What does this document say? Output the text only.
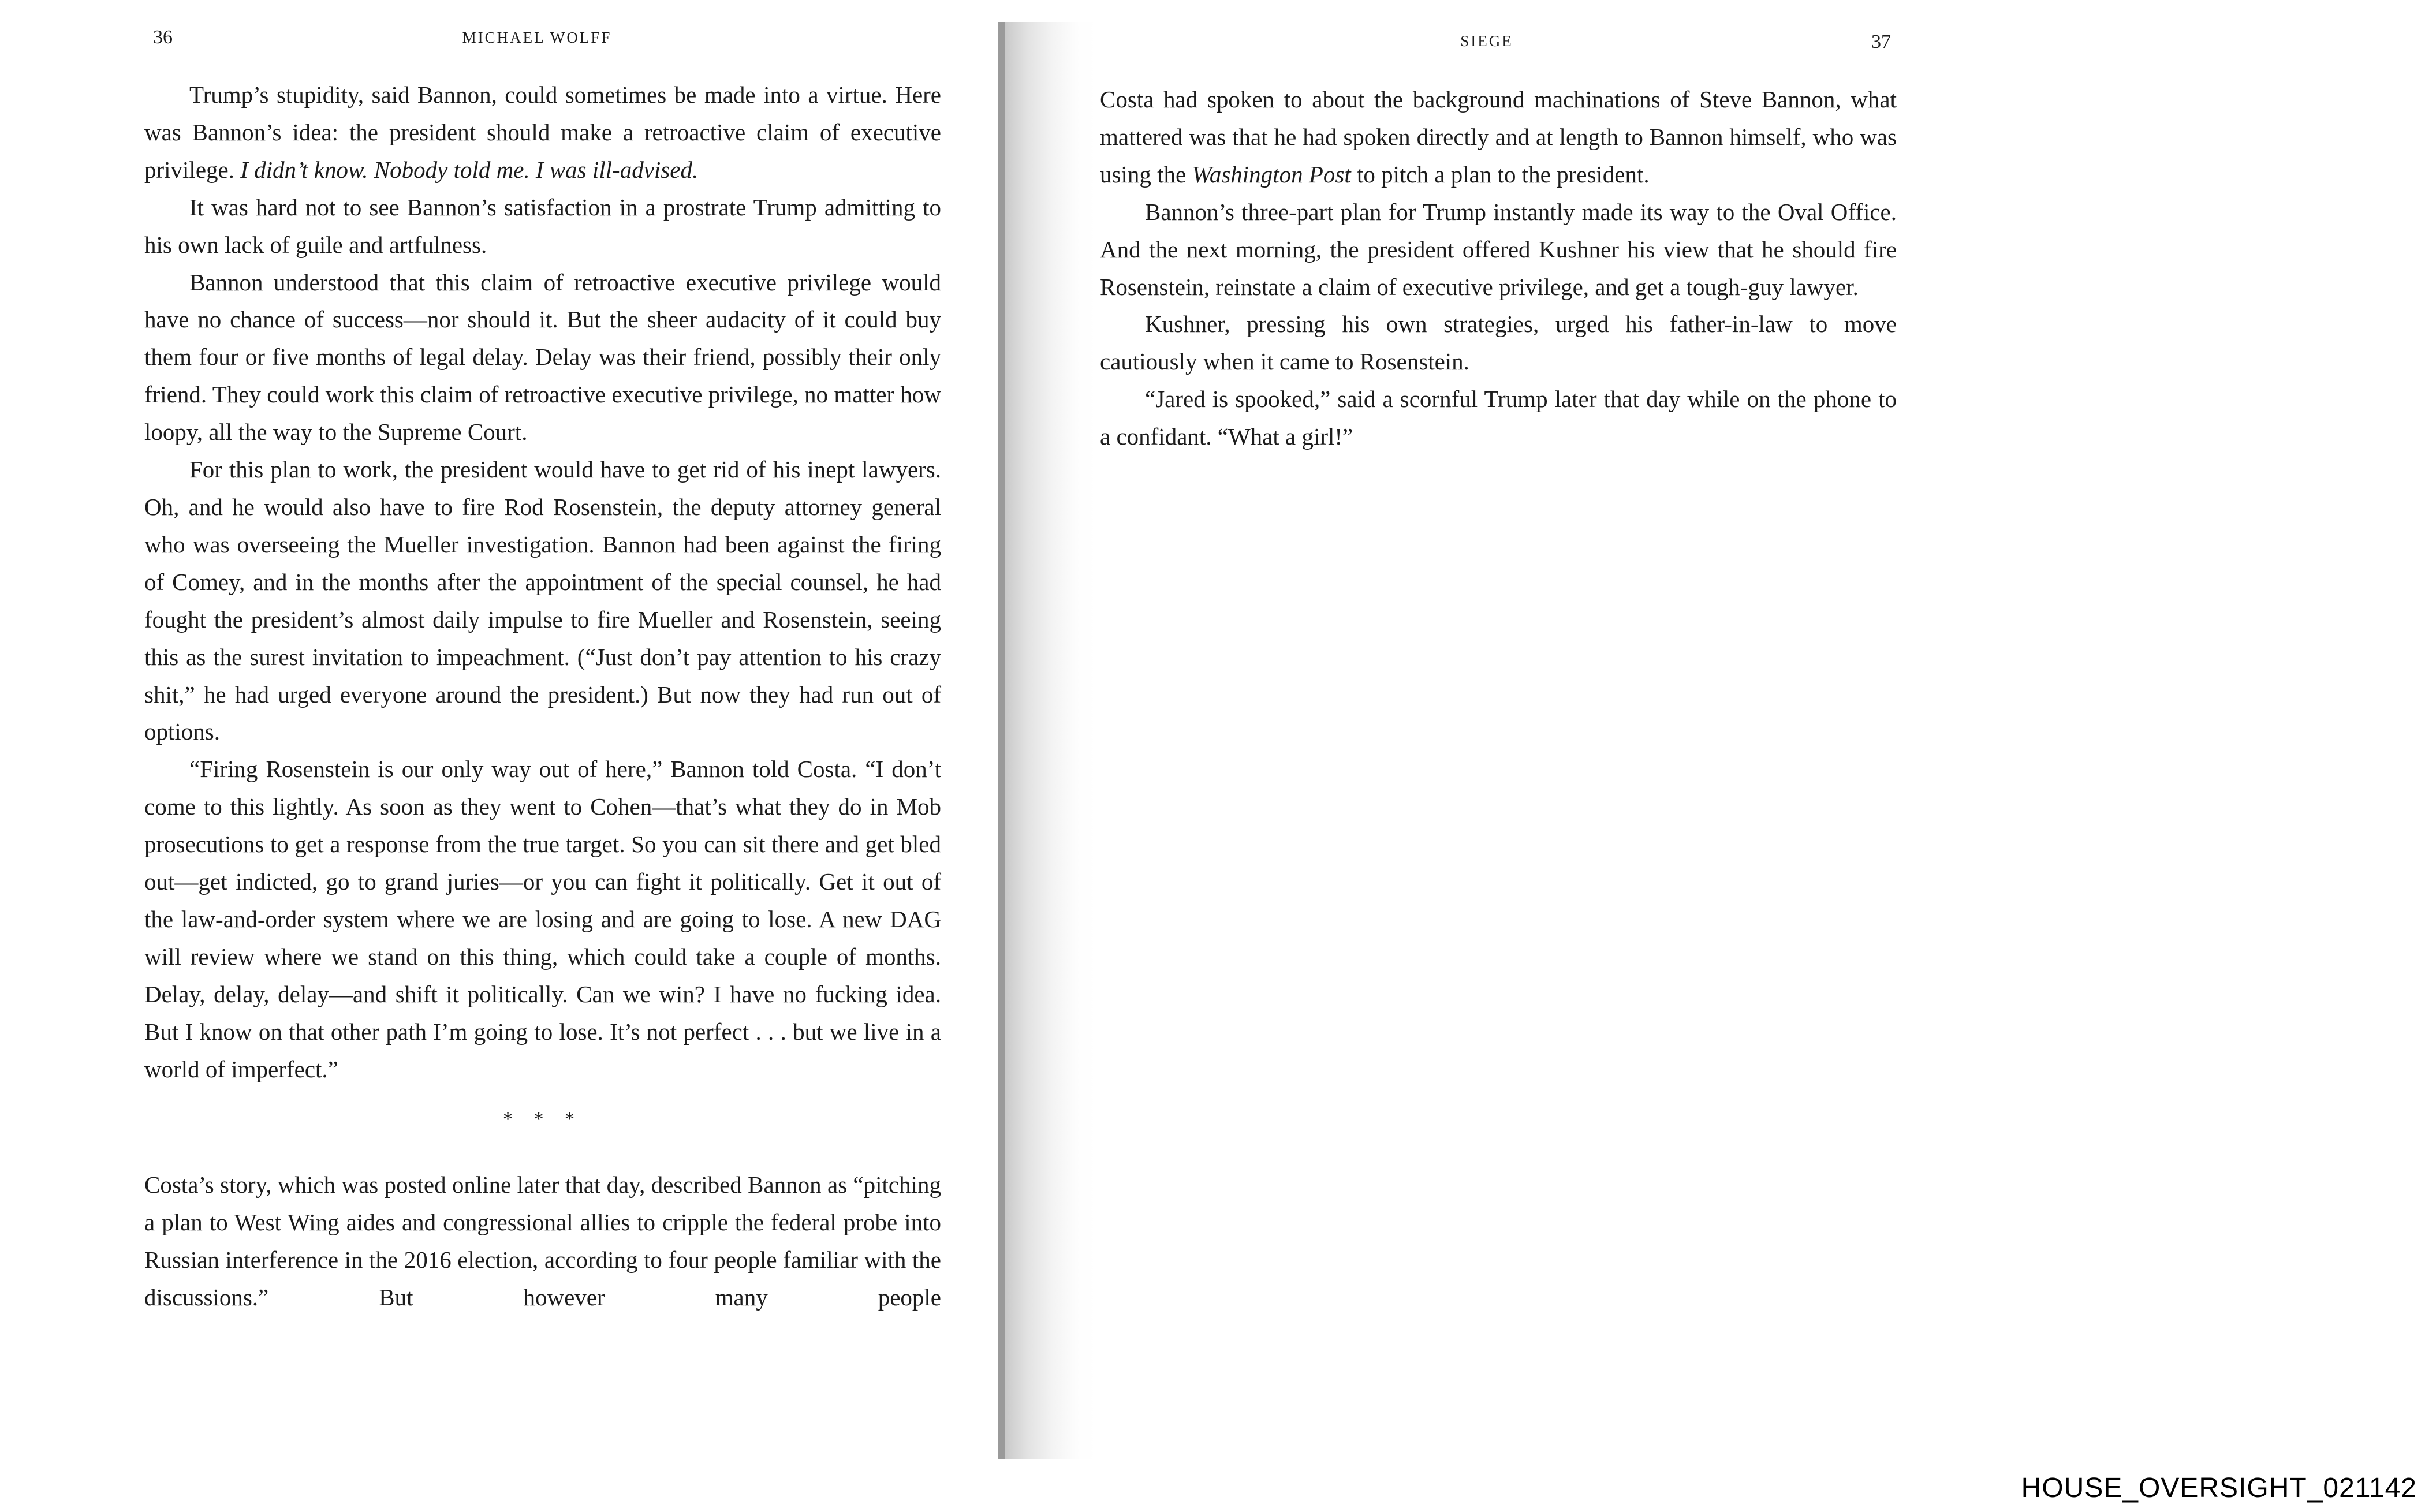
36	MICHAEL WOLFF

Trump’s stupidity, said Bannon, could sometimes be made into a virtue. Here was Bannon’s idea: the president should make a retroactive claim of executive privilege. I didn’t know. Nobody told me. I was ill-advised.

It was hard not to see Bannon’s satisfaction in a prostrate Trump admitting to his own lack of guile and artfulness.

Bannon understood that this claim of retroactive executive privilege would have no chance of success—nor should it. But the sheer audacity of it could buy them four or five months of legal delay. Delay was their friend, possibly their only friend. They could work this claim of retroactive executive privilege, no matter how loopy, all the way to the Supreme Court.

For this plan to work, the president would have to get rid of his inept lawyers. Oh, and he would also have to fire Rod Rosenstein, the deputy attorney general who was overseeing the Mueller investigation. Bannon had been against the firing of Comey, and in the months after the appointment of the special counsel, he had fought the president’s almost daily impulse to fire Mueller and Rosenstein, seeing this as the surest invitation to impeachment. (“Just don’t pay attention to his crazy shit,” he had urged everyone around the president.) But now they had run out of options.

“Firing Rosenstein is our only way out of here,” Bannon told Costa. “I don’t come to this lightly. As soon as they went to Cohen—that’s what they do in Mob prosecutions to get a response from the true target. So you can sit there and get bled out—get indicted, go to grand juries—or you can fight it politically. Get it out of the law-and-order system where we are losing and are going to lose. A new DAG will review where we stand on this thing, which could take a couple of months. Delay, delay, delay—and shift it politically. Can we win? I have no fucking idea. But I know on that other path I’m going to lose. It’s not perfect . . . but we live in a world of imperfect.”

* * *

Costa’s story, which was posted online later that day, described Bannon as “pitching a plan to West Wing aides and congressional allies to cripple the federal probe into Russian interference in the 2016 election, according to four people familiar with the discussions.” But however many people

SIEGE	37

Costa had spoken to about the background machinations of Steve Bannon, what mattered was that he had spoken directly and at length to Bannon himself, who was using the Washington Post to pitch a plan to the president.

Bannon’s three-part plan for Trump instantly made its way to the Oval Office. And the next morning, the president offered Kushner his view that he should fire Rosenstein, reinstate a claim of executive privilege, and get a tough-guy lawyer.

Kushner, pressing his own strategies, urged his father-in-law to move cautiously when it came to Rosenstein.

“Jared is spooked,” said a scornful Trump later that day while on the phone to a confidant. “What a girl!”

HOUSE_OVERSIGHT_021142
